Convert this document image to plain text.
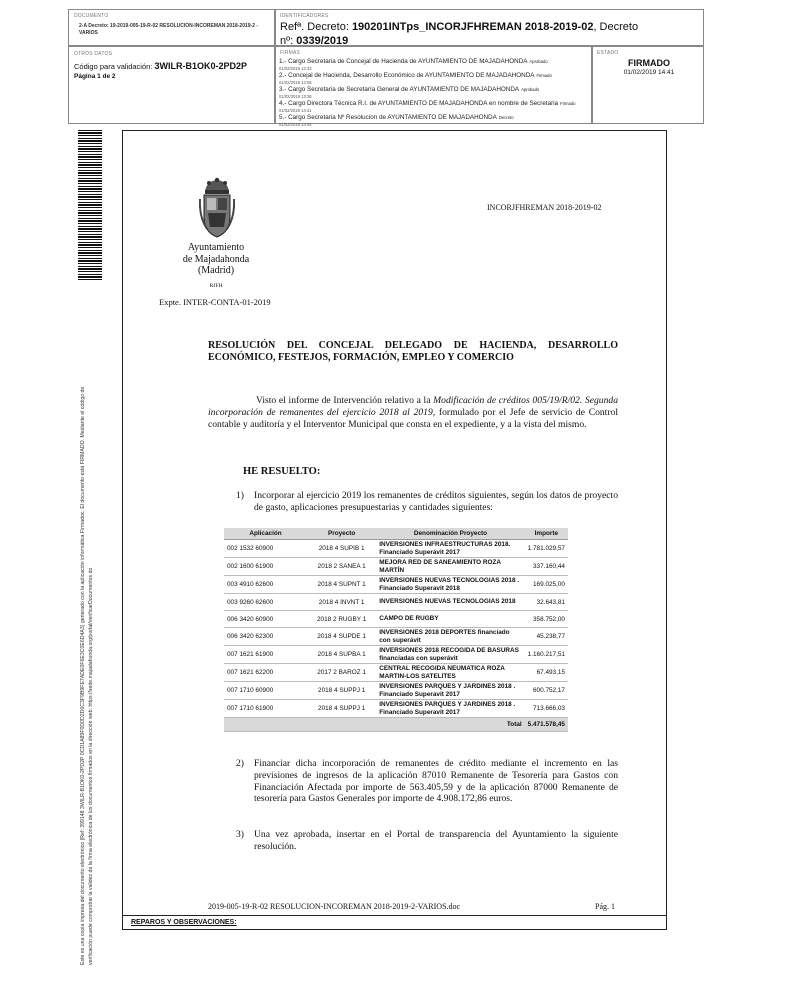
DOCUMENTO
2-A Decreto: 19-2019-005-19-R-02 RESOLUCION-INCOREMAN 2018-2019-2 -VARIOS
IDENTIFICADORES
Refª. Decreto: 190201INTps_INCORJFHREMAN 2018-2019-02, Decreto
nº: 0339/2019
OTROS DATOS
Código para validación: 3WILR-B1OK0-2PD2P
Página 1 de 2
FIRMAS
1.- Cargo Secretaria de Concejal de Hacienda de AYUNTAMIENTO DE MAJADAHONDA Aprobado
01/02/2019 12:33
2.- Concejal de Hacienda, Desarrollo Económico de AYUNTAMIENTO DE MAJADAHONDA Firmado
01/02/2019 13:06
3.- Cargo Secretaria de Secretaría General de AYUNTAMIENTO DE MAJADAHONDA Aprobado
01/02/2019 13:38
4.- Cargo Directora Técnica R.I. de AYUNTAMIENTO DE MAJADAHONDA en nombre de Secretaria Firmado
01/02/2019 14:41
5.- Cargo Secretaria Nº Resolucion de AYUNTAMIENTO DE MAJADAHONDA Decreto
01/02/2019 14:44
ESTADO
FIRMADO
01/02/2019 14:41
Este es una copia impresa del documento electrónico (Ref: 399148 3WILR-B1OK0-2PD2P 0CD1A89F0D0D2D6C3F9B9FE7ADE0F6E3C0E6D4A3) generado con la aplicación informática Firmadoc. El documento está FIRMADO. Mediante el código de verificación puede comprobar la validez de la firma electrónica de los documentos firmados en la dirección web: https://sede.majadahonda.org/portal/verificarDocumentos.do
Ayuntamiento
de Majadahonda
(Madrid)
RJFH
Expte. INTER-CONTA-01-2019
INCORJFHREMAN 2018-2019-02
RESOLUCIÓN DEL CONCEJAL DELEGADO DE HACIENDA, DESARROLLO ECONÓMICO, FESTEJOS, FORMACIÓN, EMPLEO Y COMERCIO
Visto el informe de Intervención relativo a la Modificación de créditos 005/19/R/02. Segunda incorporación de remanentes del ejercicio 2018 al 2019, formulado por el Jefe de servicio de Control contable y auditoría y el Interventor Municipal que consta en el expediente, y a la vista del mismo.
HE RESUELTO:
1) Incorporar al ejercicio 2019 los remanentes de créditos siguientes, según los datos de proyecto de gasto, aplicaciones presupuestarias y cantidades siguientes:
Aplicación	Proyecto	Denominación Proyecto	Importe
002 1532 60900	2018 4 SUPIB 1	INVERSIONES INFRAESTRUCTURAS 2018. Financiado Superávit 2017	1.781.029,57
002 1600 61900	2018 2 SANEA 1	MEJORA RED DE SANEAMIENTO ROZA MARTÍN	337.160,44
003 4910 62600	2018 4 SUPNT 1	INVERSIONES NUEVAS TECNOLOGIAS 2018 . Financiado Superavit 2018	169.025,00
003 9260 62600	2018 4 INVNT 1	INVERSIONES NUEVAS TECNOLOGIAS 2018	32.643,81
006 3420 60900	2018 2 RUGBY 1	CAMPO DE RUGBY	358.752,00
006 3420 62300	2018 4 SUPDE 1	INVERSIONES 2018 DEPORTES financiado con superávit	45.238,77
007 1621 61900	2018 4 SUPBA 1	INVERSIONES 2018 RECOGIDA DE BASURAS financiadas con superávit	1.160.217,51
007 1621 62200	2017 2 BAROZ 1	CENTRAL RECOGIDA NEUMATICA ROZA MARTIN-LOS SATELITES	67.493,15
007 1710 60900	2018 4 SUPPJ 1	INVERSIONES PARQUES Y JARDINES 2018 . Financiado Superavit 2017	600.752,17
007 1710 61900	2018 4 SUPPJ 1	INVERSIONES PARQUES Y JARDINES 2018 . Financiado Superavit 2017	713.666,03
		Total	5.471.578,45
2) Financiar dicha incorporación de remanentes de crédito mediante el incremento en las previsiones de ingresos de la aplicación 87010 Remanente de Tesorería para Gastos con Financiación Afectada por importe de 563.405,59 y de la aplicación 87000 Remanente de tesorería para Gastos Generales por importe de 4.908.172,86 euros.
3) Una vez aprobada, insertar en el Portal de transparencia del Ayuntamiento la siguiente resolución.
2019-005-19-R-02 RESOLUCION-INCOREMAN 2018-2019-2-VARIOS.doc	Pág. 1
REPAROS Y OBSERVACIONES:
